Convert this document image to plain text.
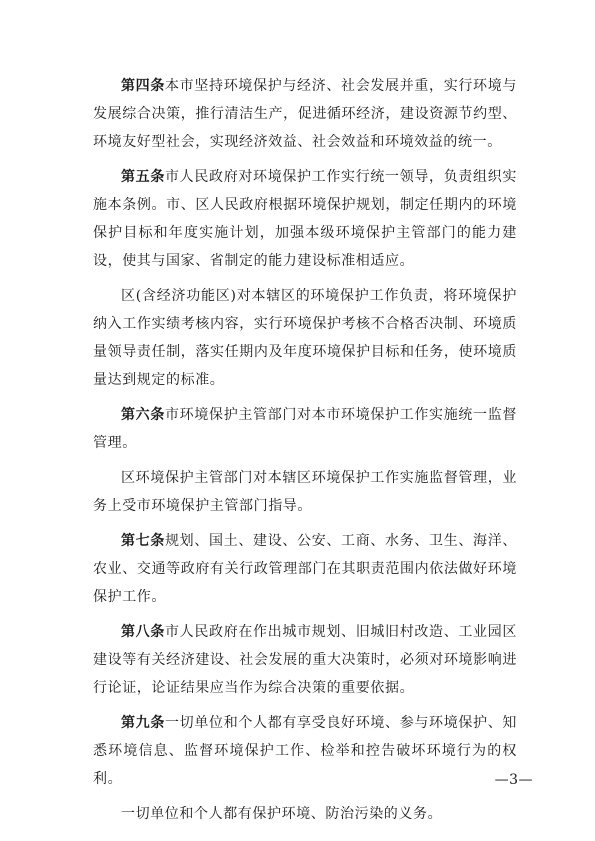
第四条本市坚持环境保护与经济、社会发展并重，实行环境与发展综合决策，推行清洁生产，促进循环经济，建设资源节约型、环境友好型社会，实现经济效益、社会效益和环境效益的统一。

第五条市人民政府对环境保护工作实行统一领导，负责组织实施本条例。市、区人民政府根据环境保护规划，制定任期内的环境保护目标和年度实施计划，加强本级环境保护主管部门的能力建设，使其与国家、省制定的能力建设标准相适应。

区(含经济功能区)对本辖区的环境保护工作负责，将环境保护纳入工作实绩考核内容，实行环境保护考核不合格否决制、环境质量领导责任制，落实任期内及年度环境保护目标和任务，使环境质量达到规定的标准。

第六条市环境保护主管部门对本市环境保护工作实施统一监督管理。

区环境保护主管部门对本辖区环境保护工作实施监督管理，业务上受市环境保护主管部门指导。

第七条规划、国土、建设、公安、工商、水务、卫生、海洋、农业、交通等政府有关行政管理部门在其职责范围内依法做好环境保护工作。

第八条市人民政府在作出城市规划、旧城旧村改造、工业园区建设等有关经济建设、社会发展的重大决策时，必须对环境影响进行论证，论证结果应当作为综合决策的重要依据。

第九条一切单位和个人都有享受良好环境、参与环境保护、知悉环境信息、监督环境保护工作、检举和控告破坏环境行为的权利。

一切单位和个人都有保护环境、防治污染的义务。

—3—
